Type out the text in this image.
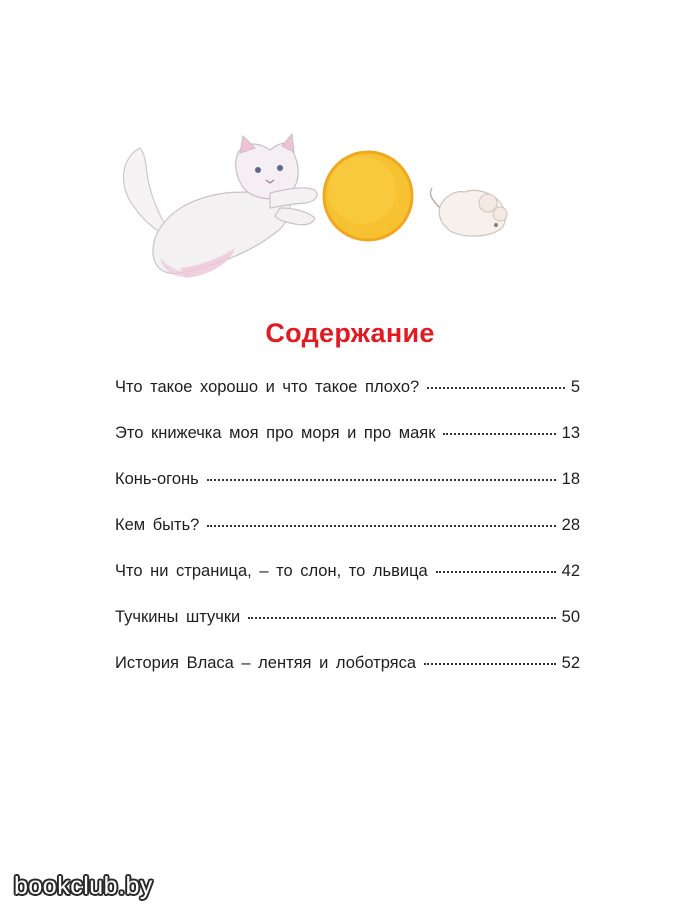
Содержание
Что такое хорошо и что такое плохо?	5
Это книжечка моя про моря и про маяк	13
Конь-огонь	18
Кем быть?	28
Что ни страница, – то слон, то львица	42
Тучкины штучки	50
История Власа – лентяя и лоботряса	52
bookclub.by
